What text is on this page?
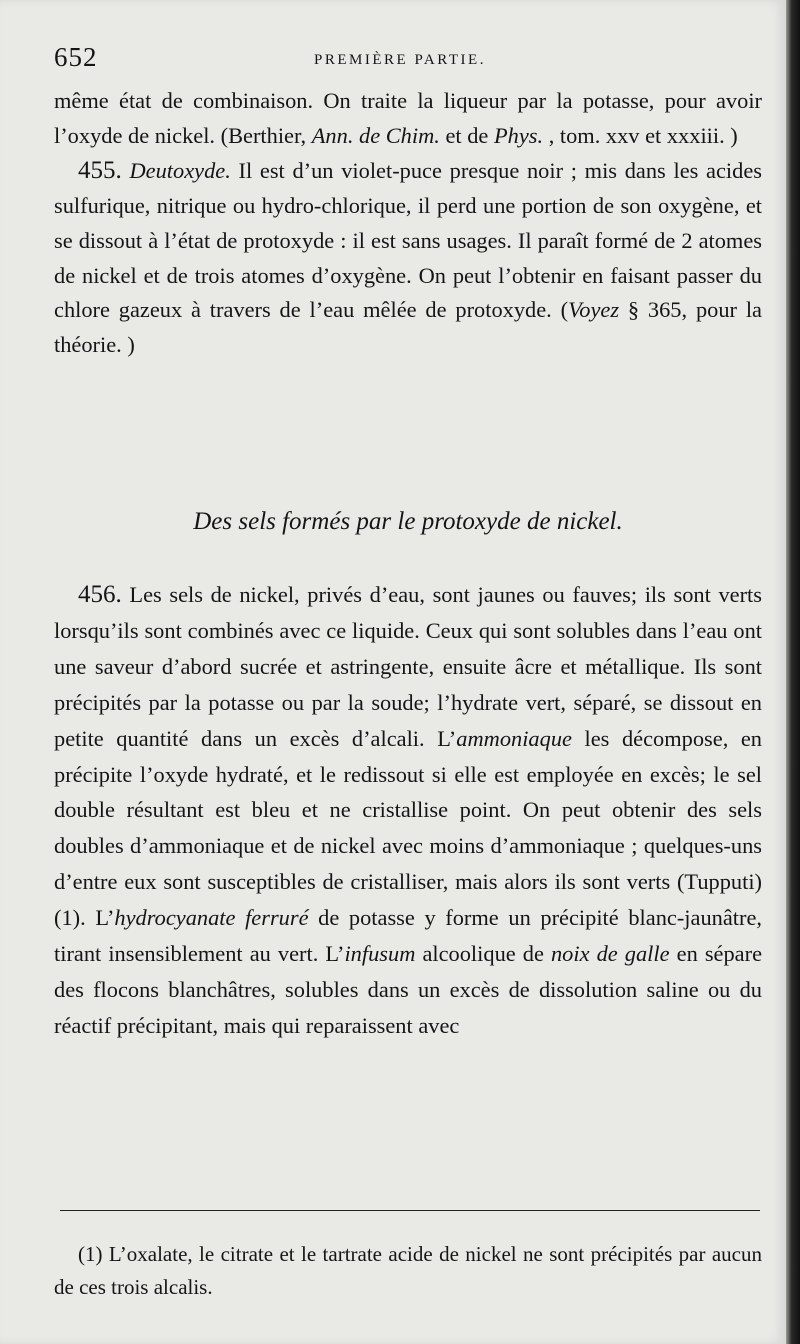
652	PREMIÈRE PARTIE.

même état de combinaison. On traite la liqueur par la potasse, pour avoir l’oxyde de nickel. (Berthier, Ann. de Chim. et de Phys. , tom. xxv et xxxiii. )

455. Deutoxyde. Il est d’un violet-puce presque noir ; mis dans les acides sulfurique, nitrique ou hydro-chlorique, il perd une portion de son oxygène, et se dissout à l’état de protoxyde : il est sans usages. Il paraît formé de 2 atomes de nickel et de trois atomes d’oxygène. On peut l’obtenir en faisant passer du chlore gazeux à travers de l’eau mêlée de protoxyde. (Voyez § 365, pour la théorie. )

Des sels formés par le protoxyde de nickel.

456. Les sels de nickel, privés d’eau, sont jaunes ou fauves; ils sont verts lorsqu’ils sont combinés avec ce liquide. Ceux qui sont solubles dans l’eau ont une saveur d’abord sucrée et astringente, ensuite âcre et métallique. Ils sont précipités par la potasse ou par la soude; l’hydrate vert, séparé, se dissout en petite quantité dans un excès d’alcali. L’ammoniaque les décompose, en précipite l’oxyde hydraté, et le redissout si elle est employée en excès; le sel double résultant est bleu et ne cristallise point. On peut obtenir des sels doubles d’ammoniaque et de nickel avec moins d’ammoniaque ; quelques-uns d’entre eux sont susceptibles de cristalliser, mais alors ils sont verts (Tupputi) (1). L’hydrocyanate ferruré de potasse y forme un précipité blanc-jaunâtre, tirant insensiblement au vert. L’infusum alcoolique de noix de galle en sépare des flocons blanchâtres, solubles dans un excès de dissolution saline ou du réactif précipitant, mais qui reparaissent avec

(1) L’oxalate, le citrate et le tartrate acide de nickel ne sont précipités par aucun de ces trois alcalis.
